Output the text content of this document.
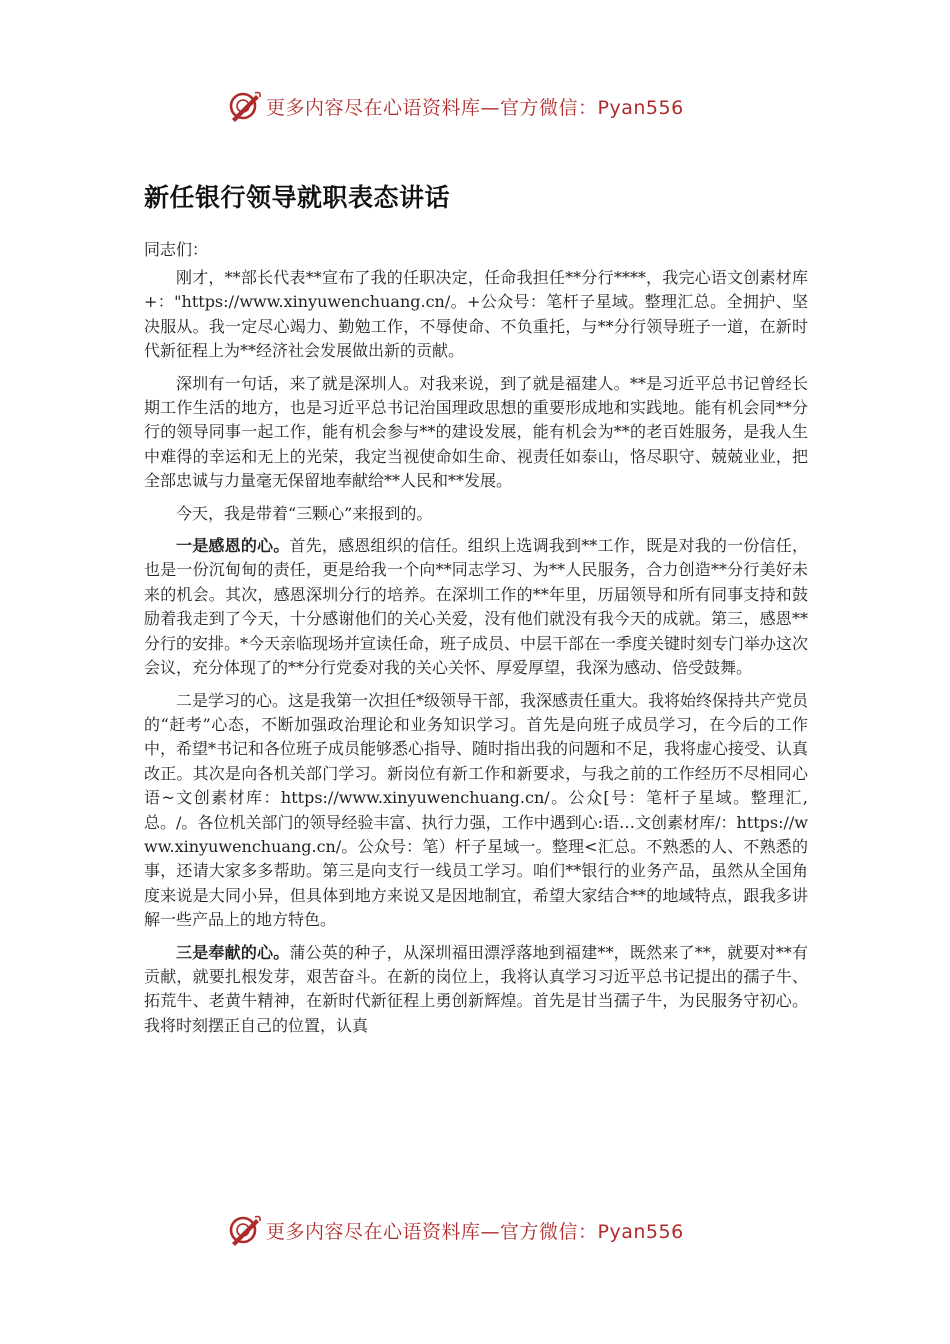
更多内容尽在心语资料库—官方微信：Pyan556
新任银行领导就职表态讲话

同志们：

刚才，**部长代表**宣布了我的任职决定，任命我担任**分行****，我完心语文创素材库+："https://www.xinyuwenchuang.cn/。+公众号：笔杆子星域。整理汇总。全拥护、坚决服从。我一定尽心竭力、勤勉工作，不辱使命、不负重托，与**分行领导班子一道，在新时代新征程上为**经济社会发展做出新的贡献。

深圳有一句话，来了就是深圳人。对我来说，到了就是福建人。**是习近平总书记曾经长期工作生活的地方，也是习近平总书记治国理政思想的重要形成地和实践地。能有机会同**分行的领导同事一起工作，能有机会参与**的建设发展，能有机会为**的老百姓服务，是我人生中难得的幸运和无上的光荣，我定当视使命如生命、视责任如泰山，恪尽职守、兢兢业业，把全部忠诚与力量毫无保留地奉献给**人民和**发展。

今天，我是带着“三颗心”来报到的。

一是感恩的心。首先，感恩组织的信任。组织上选调我到**工作，既是对我的一份信任，也是一份沉甸甸的责任，更是给我一个向**同志学习、为**人民服务，合力创造**分行美好未来的机会。其次，感恩深圳分行的培养。在深圳工作的**年里，历届领导和所有同事支持和鼓励着我走到了今天，十分感谢他们的关心关爱，没有他们就没有我今天的成就。第三，感恩**分行的安排。*今天亲临现场并宣读任命，班子成员、中层干部在一季度关键时刻专门举办这次会议，充分体现了的**分行党委对我的关心关怀、厚爱厚望，我深为感动、倍受鼓舞。

二是学习的心。这是我第一次担任*级领导干部，我深感责任重大。我将始终保持共产党员的“赶考”心态，不断加强政治理论和业务知识学习。首先是向班子成员学习，在今后的工作中，希望*书记和各位班子成员能够悉心指导、随时指出我的问题和不足，我将虚心接受、认真改正。其次是向各机关部门学习。新岗位有新工作和新要求，与我之前的工作经历不尽相同心语~文创素材库：https://www.xinyuwenchuang.cn/。公众[号：笔杆子星域。整理汇,总。/。各位机关部门的领导经验丰富、执行力强，工作中遇到心:语…文创素材库/：https://www.xinyuwenchuang.cn/。公众号：笔）杆子星域一。整理<汇总。不熟悉的人、不熟悉的事，还请大家多多帮助。第三是向支行一线员工学习。咱们**银行的业务产品，虽然从全国角度来说是大同小异，但具体到地方来说又是因地制宜，希望大家结合**的地域特点，跟我多讲解一些产品上的地方特色。

三是奉献的心。蒲公英的种子，从深圳福田漂浮落地到福建**，既然来了**，就要对**有贡献，就要扎根发芽，艰苦奋斗。在新的岗位上，我将认真学习习近平总书记提出的孺子牛、拓荒牛、老黄牛精神，在新时代新征程上勇创新辉煌。首先是甘当孺子牛，为民服务守初心。我将时刻摆正自己的位置，认真

更多内容尽在心语资料库—官方微信：Pyan556
